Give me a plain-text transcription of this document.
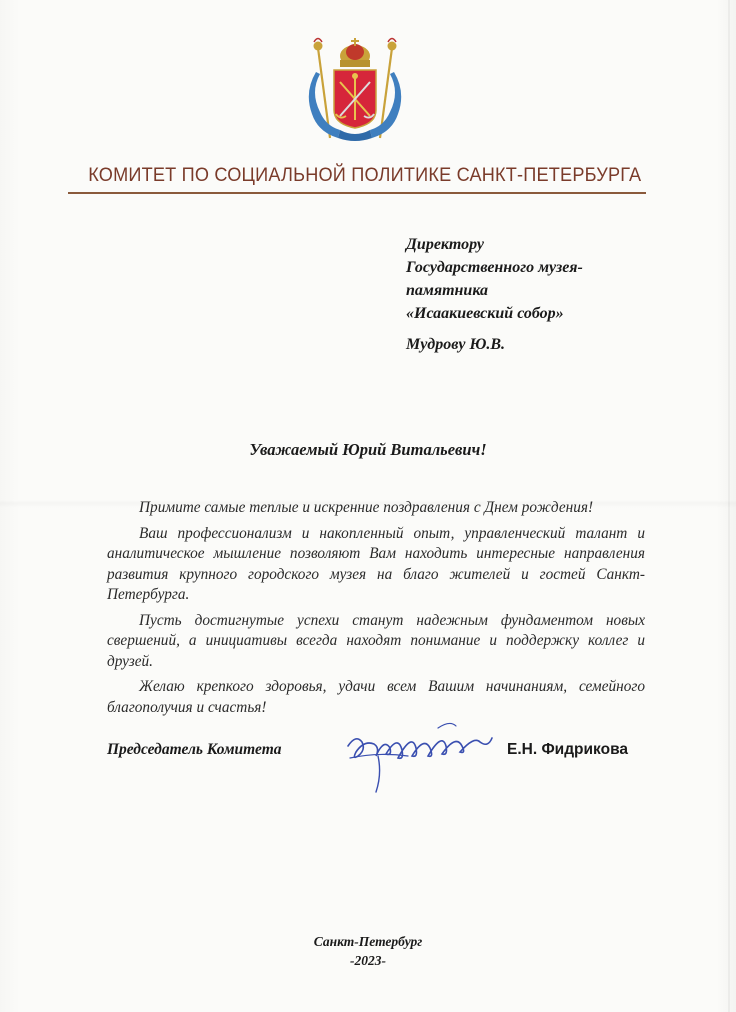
КОМИТЕТ ПО СОЦИАЛЬНОЙ ПОЛИТИКЕ САНКТ-ПЕТЕРБУРГА
Директору
Государственного музея-
памятника
«Исаакиевский собор»
Мудрову Ю.В.
Уважаемый Юрий Витальевич!

Примите самые теплые и искренние поздравления с Днем рождения!

Ваш профессионализм и накопленный опыт, управленческий талант и аналитическое мышление позволяют Вам находить интересные направления развития крупного городского музея на благо жителей и гостей Санкт-Петербурга.

Пусть достигнутые успехи станут надежным фундаментом новых свершений, а инициативы всегда находят понимание и поддержку коллег и друзей.

Желаю крепкого здоровья, удачи всем Вашим начинаниям, семейного благополучия и счастья!

Председатель Комитета	Е.Н. Фидрикова
Санкт-Петербург
-2023-
